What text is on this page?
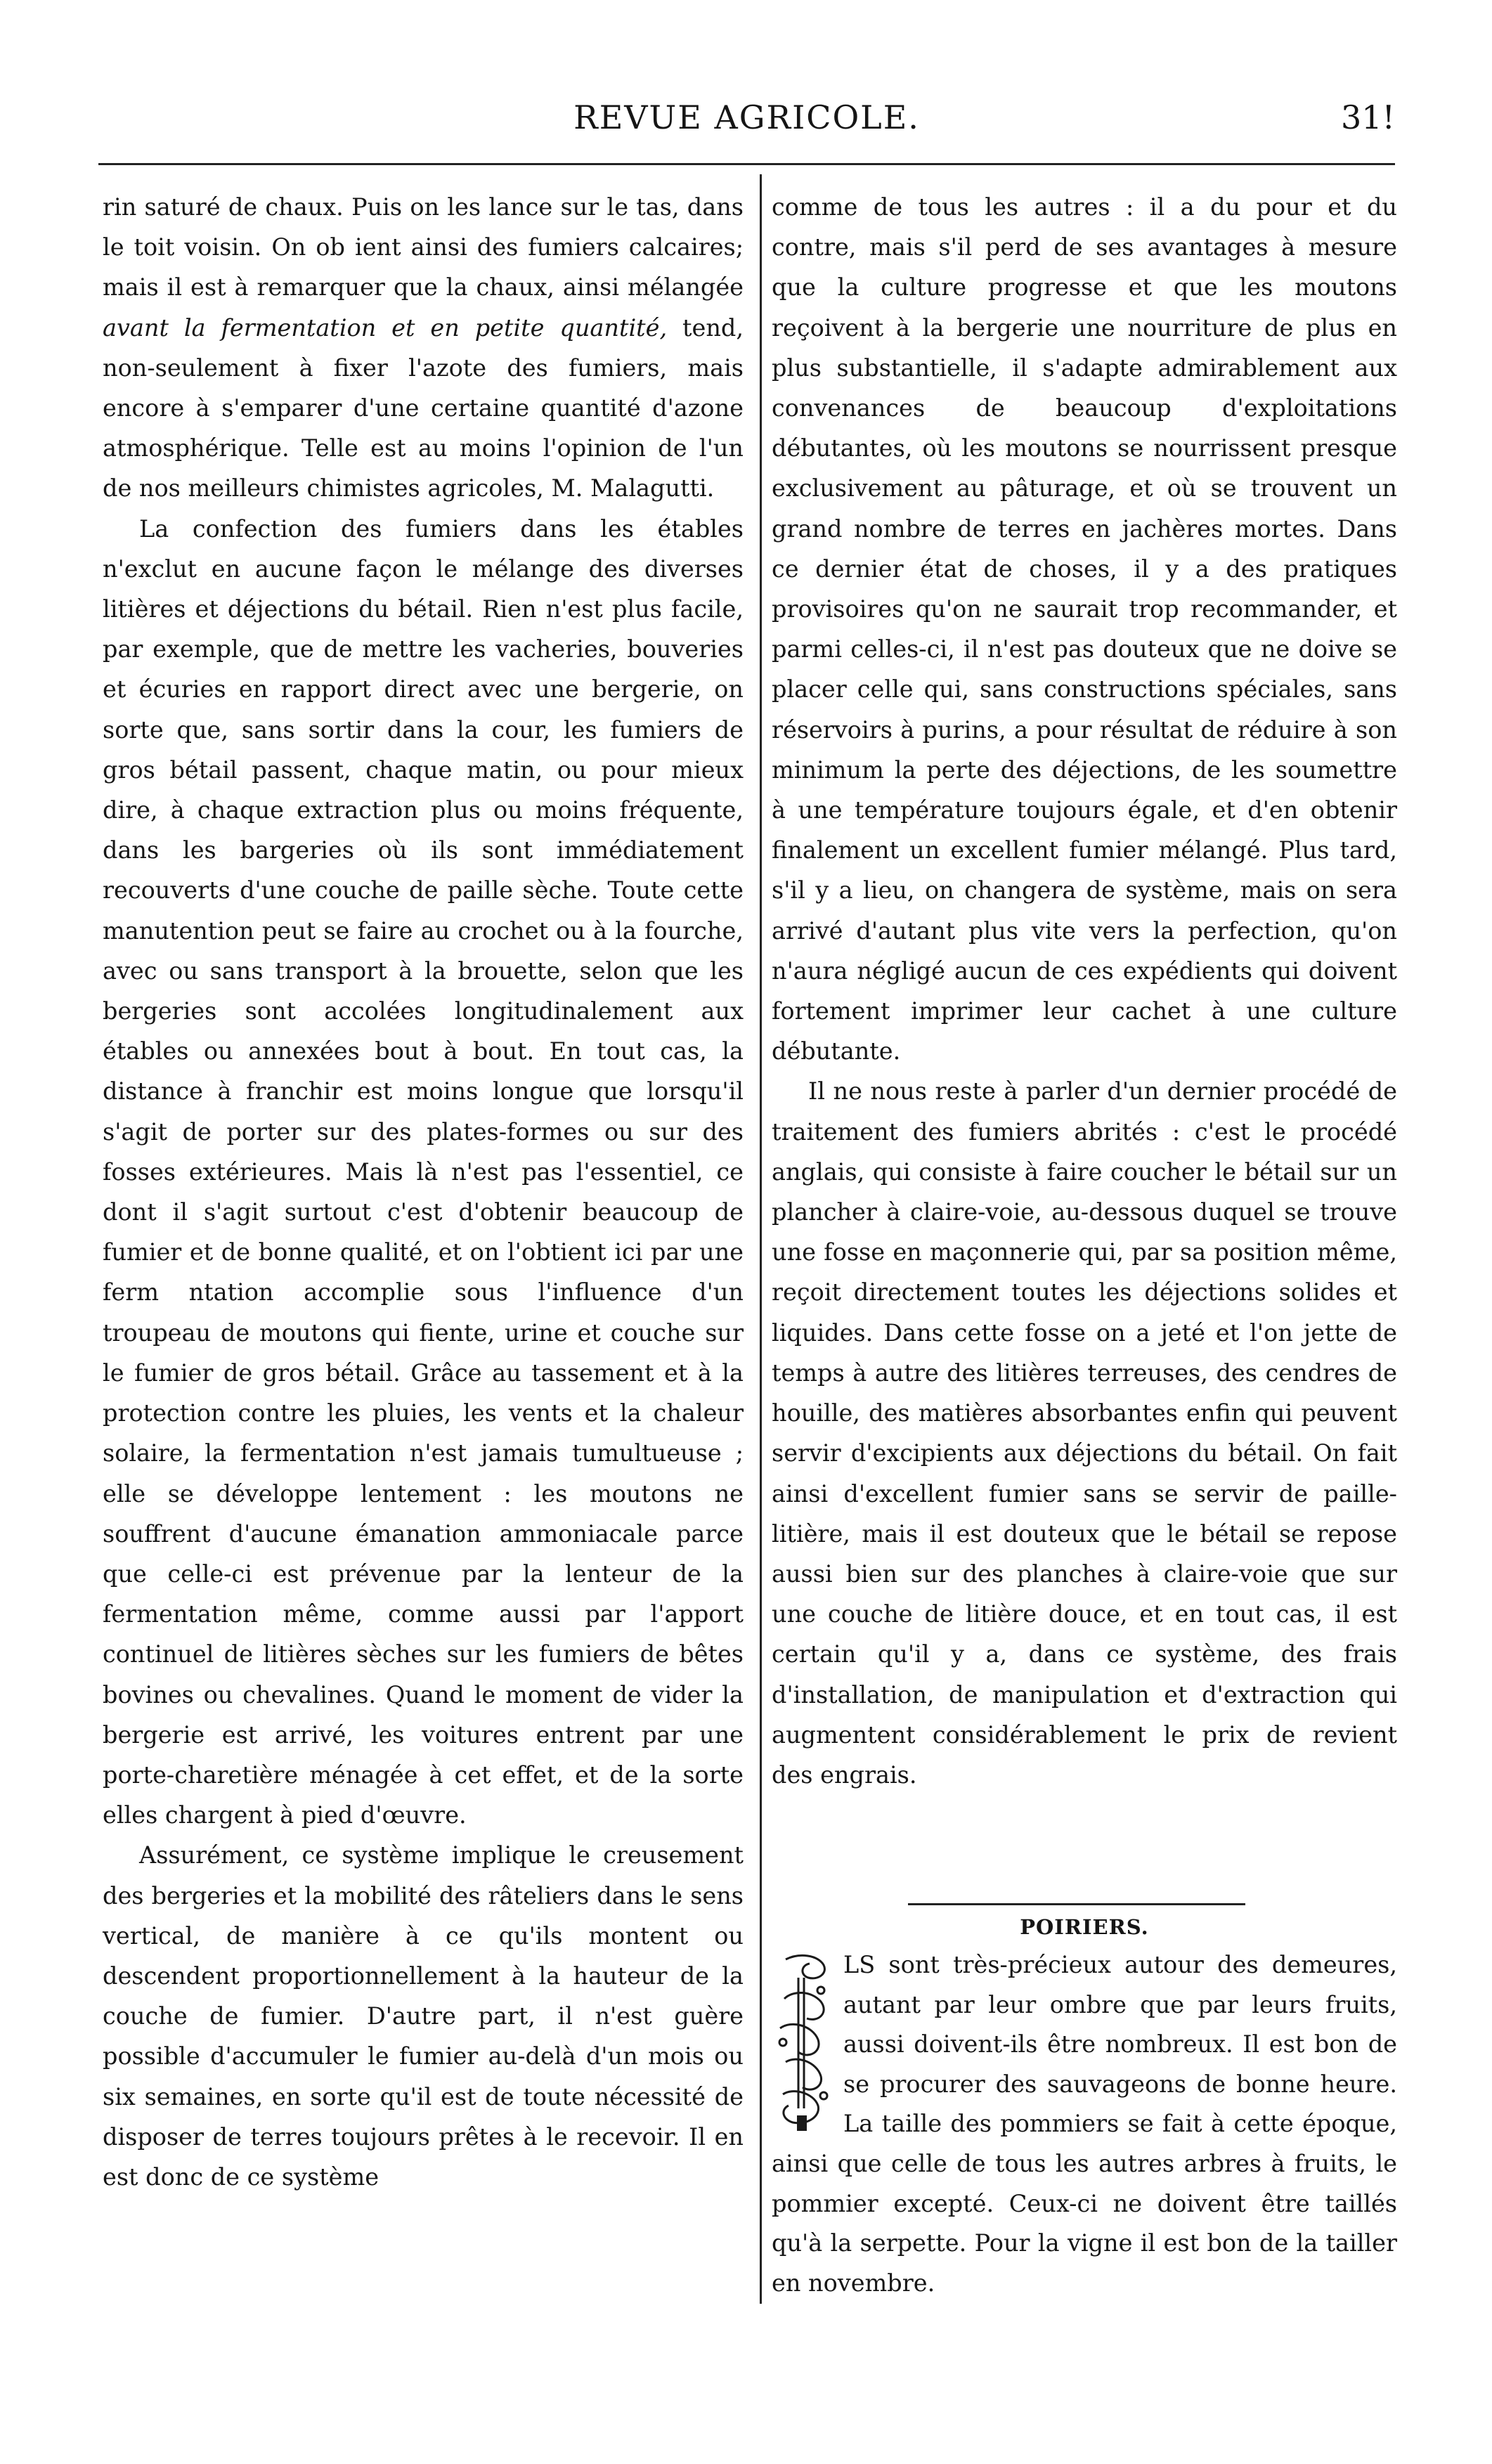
REVUE AGRICOLE.	31!

rin saturé de chaux. Puis on les lance sur le tas, dans le toit voisin. On ob ient ainsi des fumiers calcaires; mais il est à remarquer que la chaux, ainsi mélangée avant la fermentation et en petite quantité, tend, non-seulement à fixer l'azote des fumiers, mais encore à s'emparer d'une certaine quantité d'azone atmosphérique. Telle est au moins l'opinion de l'un de nos meilleurs chimistes agricoles, M. Malagutti.

La confection des fumiers dans les étables n'exclut en aucune façon le mélange des diverses litières et déjections du bétail. Rien n'est plus facile, par exemple, que de mettre les vacheries, bouveries et écuries en rapport direct avec une bergerie, on sorte que, sans sortir dans la cour, les fumiers de gros bétail passent, chaque matin, ou pour mieux dire, à chaque extraction plus ou moins fréquente, dans les bargeries où ils sont immédiatement recouverts d'une couche de paille sèche. Toute cette manutention peut se faire au crochet ou à la fourche, avec ou sans transport à la brouette, selon que les bergeries sont accolées longitudinalement aux étables ou annexées bout à bout. En tout cas, la distance à franchir est moins longue que lorsqu'il s'agit de porter sur des plates-formes ou sur des fosses extérieures. Mais là n'est pas l'essentiel, ce dont il s'agit surtout c'est d'obtenir beaucoup de fumier et de bonne qualité, et on l'obtient ici par une ferm ntation accomplie sous l'influence d'un troupeau de moutons qui fiente, urine et couche sur le fumier de gros bétail. Grâce au tassement et à la protection contre les pluies, les vents et la chaleur solaire, la fermentation n'est jamais tumultueuse ; elle se développe lentement : les moutons ne souffrent d'aucune émanation ammoniacale parce que celle-ci est prévenue par la lenteur de la fermentation même, comme aussi par l'apport continuel de litières sèches sur les fumiers de bêtes bovines ou chevalines. Quand le moment de vider la bergerie est arrivé, les voitures entrent par une porte-charetière ménagée à cet effet, et de la sorte elles chargent à pied d'œuvre.

Assurément, ce système implique le creusement des bergeries et la mobilité des râteliers dans le sens vertical, de manière à ce qu'ils montent ou descendent proportionnellement à la hauteur de la couche de fumier. D'autre part, il n'est guère possible d'accumuler le fumier au-delà d'un mois ou six semaines, en sorte qu'il est de toute nécessité de disposer de terres toujours prêtes à le recevoir. Il en est donc de ce système

comme de tous les autres : il a du pour et du contre, mais s'il perd de ses avantages à mesure que la culture progresse et que les moutons reçoivent à la bergerie une nourriture de plus en plus substantielle, il s'adapte admirablement aux convenances de beaucoup d'exploitations débutantes, où les moutons se nourrissent presque exclusivement au pâturage, et où se trouvent un grand nombre de terres en jachères mortes. Dans ce dernier état de choses, il y a des pratiques provisoires qu'on ne saurait trop recommander, et parmi celles-ci, il n'est pas douteux que ne doive se placer celle qui, sans constructions spéciales, sans réservoirs à purins, a pour résultat de réduire à son minimum la perte des déjections, de les soumettre à une température toujours égale, et d'en obtenir finalement un excellent fumier mélangé. Plus tard, s'il y a lieu, on changera de système, mais on sera arrivé d'autant plus vite vers la perfection, qu'on n'aura négligé aucun de ces expédients qui doivent fortement imprimer leur cachet à une culture débutante.

Il ne nous reste à parler d'un dernier procédé de traitement des fumiers abrités : c'est le procédé anglais, qui consiste à faire coucher le bétail sur un plancher à claire-voie, au-dessous duquel se trouve une fosse en maçonnerie qui, par sa position même, reçoit directement toutes les déjections solides et liquides. Dans cette fosse on a jeté et l'on jette de temps à autre des litières terreuses, des cendres de houille, des matières absorbantes enfin qui peuvent servir d'excipients aux déjections du bétail. On fait ainsi d'excellent fumier sans se servir de paille-litière, mais il est douteux que le bétail se repose aussi bien sur des planches à claire-voie que sur une couche de litière douce, et en tout cas, il est certain qu'il y a, dans ce système, des frais d'installation, de manipulation et d'extraction qui augmentent considérablement le prix de revient des engrais.

POIRIERS.

LS sont très-précieux autour des demeures, autant par leur ombre que par leurs fruits, aussi doivent-ils être nombreux. Il est bon de se procurer des sauvageons de bonne heure. La taille des pommiers se fait à cette époque, ainsi que celle de tous les autres arbres à fruits, le pommier excepté. Ceux-ci ne doivent être taillés qu'à la serpette. Pour la vigne il est bon de la tailler en novembre.
